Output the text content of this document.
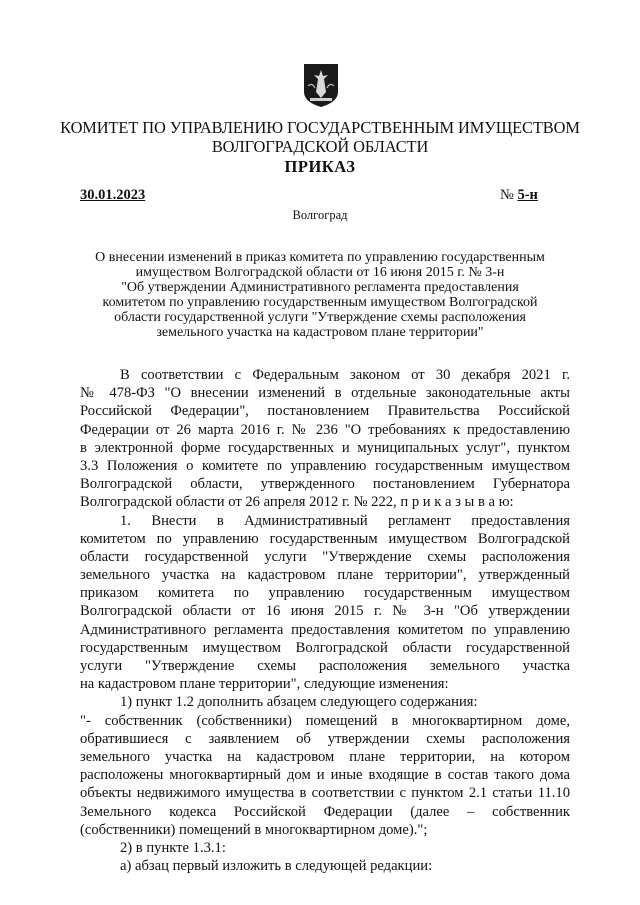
КОМИТЕТ ПО УПРАВЛЕНИЮ ГОСУДАРСТВЕННЫМ ИМУЩЕСТВОМ
ВОЛГОГРАДСКОЙ ОБЛАСТИ
ПРИКАЗ
30.01.2023	№ 5-н
Волгоград
О внесении изменений в приказ комитета по управлению государственным
имуществом Волгоградской области от 16 июня 2015 г. № 3-н
"Об утверждении Административного регламента предоставления
комитетом по управлению государственным имуществом Волгоградской
области государственной услуги "Утверждение схемы расположения
земельного участка на кадастровом плане территории"
В соответствии с Федеральным законом от 30 декабря 2021 г.
№ 478-ФЗ "О внесении изменений в отдельные законодательные акты
Российской Федерации", постановлением Правительства Российской
Федерации от 26 марта 2016 г. № 236 "О требованиях к предоставлению
в электронной форме государственных и муниципальных услуг", пунктом
3.3 Положения о комитете по управлению государственным имуществом
Волгоградской области, утвержденного постановлением Губернатора
Волгоградской области от 26 апреля 2012 г. № 222, п р и к а з ы в а ю:
1. Внести в Административный регламент предоставления
комитетом по управлению государственным имуществом Волгоградской
области государственной услуги "Утверждение схемы расположения
земельного участка на кадастровом плане территории", утвержденный
приказом комитета по управлению государственным имуществом
Волгоградской области от 16 июня 2015 г. № 3-н "Об утверждении
Административного регламента предоставления комитетом по управлению
государственным имуществом Волгоградской области государственной
услуги "Утверждение схемы расположения земельного участка
на кадастровом плане территории", следующие изменения:
1) пункт 1.2 дополнить абзацем следующего содержания:
"- собственник (собственники) помещений в многоквартирном доме,
обратившиеся с заявлением об утверждении схемы расположения
земельного участка на кадастровом плане территории, на котором
расположены многоквартирный дом и иные входящие в состав такого дома
объекты недвижимого имущества в соответствии с пунктом 2.1 статьи 11.10
Земельного кодекса Российской Федерации (далее – собственник
(собственники) помещений в многоквартирном доме).";
2) в пункте 1.3.1:
а) абзац первый изложить в следующей редакции:
